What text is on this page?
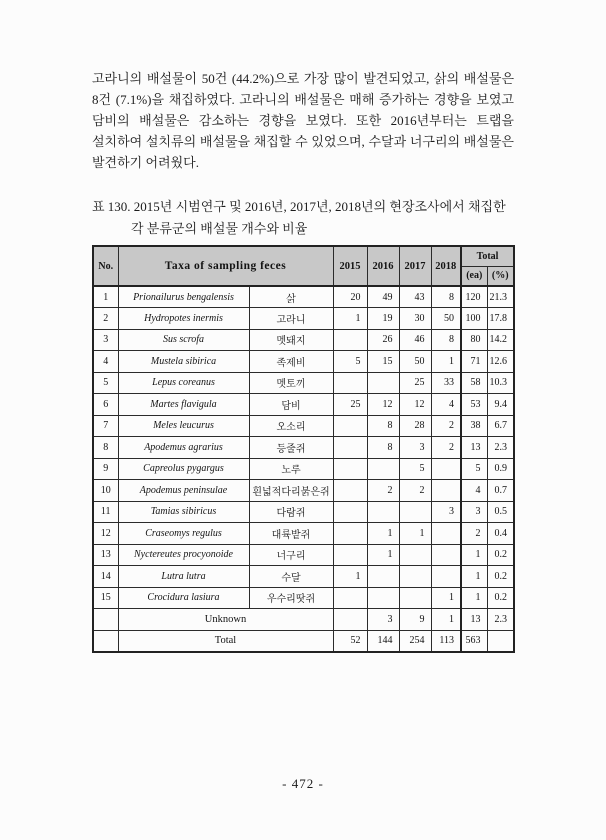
고라니의 배설물이 50건 (44.2%)으로 가장 많이 발견되었고, 삵의 배설물은
8건 (7.1%)을 채집하였다. 고라니의 배설물은 매해 증가하는 경향을 보였고
담비의 배설물은 감소하는 경향을 보였다. 또한 2016년부터는 트랩을
설치하여 설치류의 배설물을 채집할 수 있었으며, 수달과 너구리의 배설물은
발견하기 어려웠다.
표 130. 2015년 시범연구 및 2016년, 2017년, 2018년의 현장조사에서 채집한
각 분류군의 배설물 개수와 비율
No.	Taxa of sampling feces		2015	2016	2017	2018	Total	
							(ea)	(%)
1	Prionailurus bengalensis	삵	20	49	43	8	120	21.3
2	Hydropotes inermis	고라니	1	19	30	50	100	17.8
3	Sus scrofa	멧돼지		26	46	8	80	14.2
4	Mustela sibirica	족제비	5	15	50	1	71	12.6
5	Lepus coreanus	멧토끼			25	33	58	10.3
6	Martes flavigula	담비	25	12	12	4	53	9.4
7	Meles leucurus	오소리		8	28	2	38	6.7
8	Apodemus agrarius	등줄쥐		8	3	2	13	2.3
9	Capreolus pygargus	노루			5		5	0.9
10	Apodemus peninsulae	흰넓적다리붉은쥐		2	2		4	0.7
11	Tamias sibiricus	다람쥐				3	3	0.5
12	Craseomys regulus	대륙밭쥐		1	1		2	0.4
13	Nyctereutes procyonoide	너구리		1			1	0.2
14	Lutra lutra	수달	1				1	0.2
15	Crocidura lasiura	우수리땃쥐				1	1	0.2
	Unknown			3	9	1	13	2.3
	Total		52	144	254	113	563	
- 472 -
